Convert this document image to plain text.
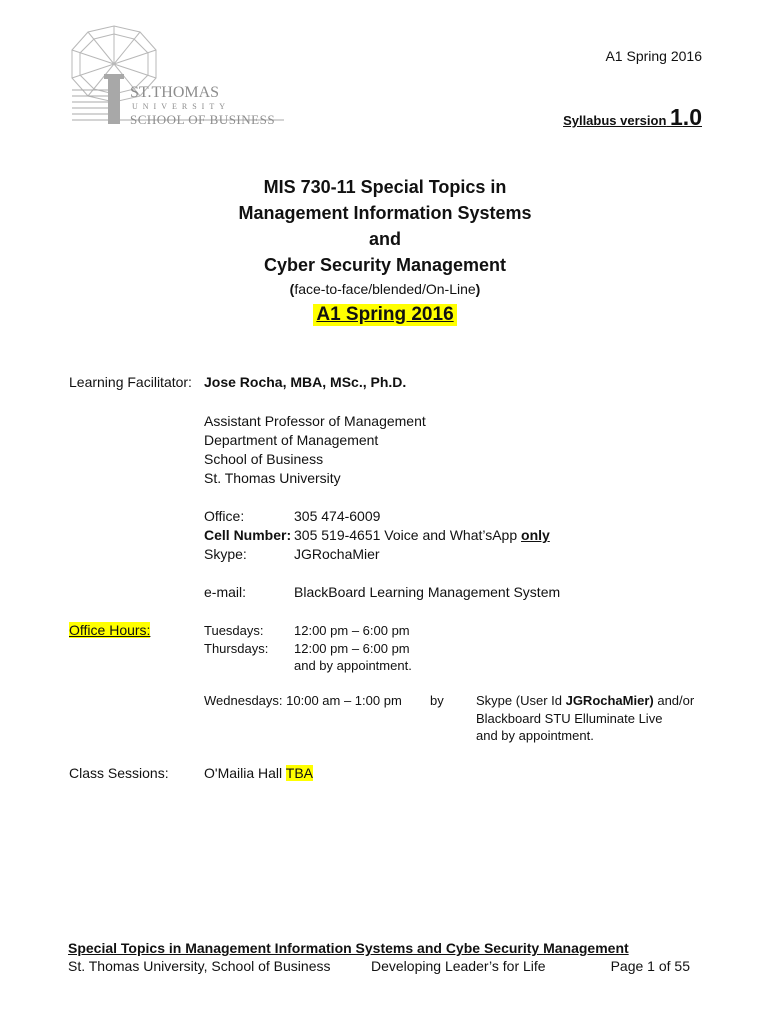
ST.THOMAS
UNIVERSITY
SCHOOL OF BUSINESS
A1 Spring 2016
Syllabus version 1.0
MIS 730-11 Special Topics in
Management Information Systems
and
Cyber Security Management
(face-to-face/blended/On-Line)
A1 Spring 2016
Learning Facilitator: Jose Rocha, MBA, MSc., Ph.D.
Assistant Professor of Management
Department of Management
School of Business
St. Thomas University
Office:	305 474-6009
Cell Number: 305 519-4651 Voice and What’sApp only
Skype:	JGRochaMier
e-mail:	BlackBoard Learning Management System
Office Hours:	Tuesdays: 12:00 pm – 6:00 pm
Thursdays: 12:00 pm – 6:00 pm
and by appointment.
Wednesdays: 10:00 am – 1:00 pm by Skype (User Id JGRochaMier) and/or
Blackboard STU Elluminate Live
and by appointment.
Class Sessions:	O'Mailia Hall TBA
Special Topics in Management Information Systems and Cybe Security Management
St. Thomas University, School of Business	Developing Leader’s for Life	Page 1 of 55
